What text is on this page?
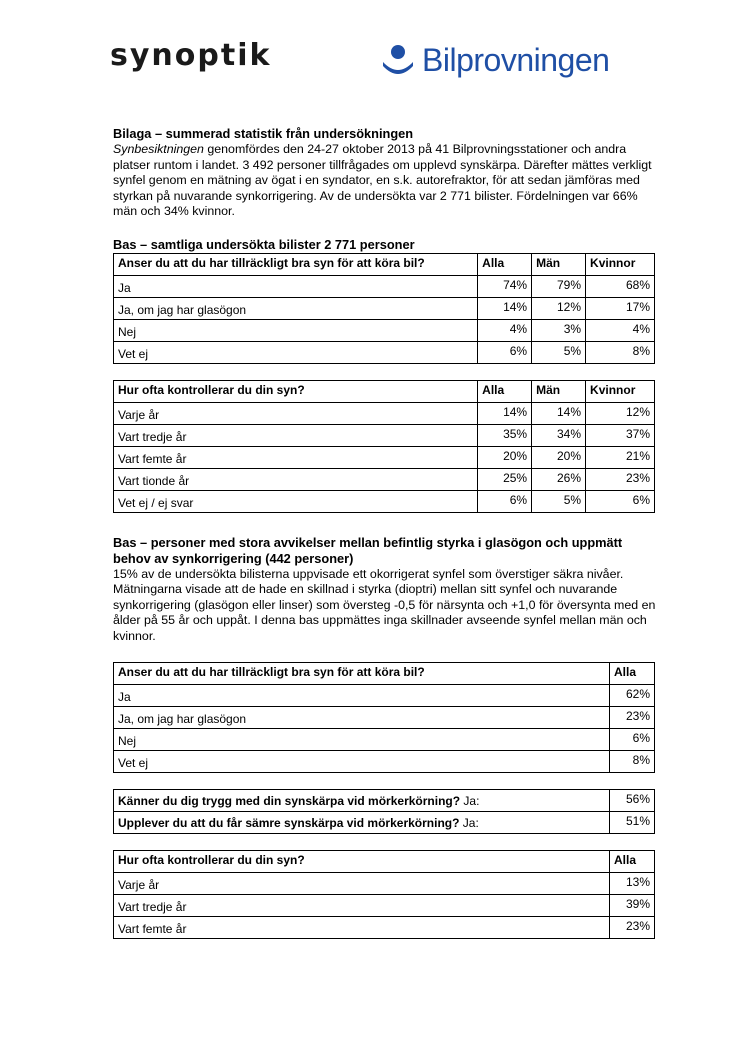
synoptik	Bilprovningen
Bilaga – summerad statistik från undersökningen

Synbesiktningen genomfördes den 24-27 oktober 2013 på 41 Bilprovningsstationer och andra platser runtom i landet. 3 492 personer tillfrågades om upplevd synskärpa. Därefter mättes verkligt synfel genom en mätning av ögat i en syndator, en s.k. autorefraktor, för att sedan jämföras med styrkan på nuvarande synkorrigering. Av de undersökta var 2 771 bilister. Fördelningen var 66% män och 34% kvinnor.

Bas – samtliga undersökta bilister 2 771 personer
Anser du att du har tillräckligt bra syn för att köra bil?	Alla	Män	Kvinnor
Ja	74%	79%	68%
Ja, om jag har glasögon	14%	12%	17%
Nej	4%	3%	4%
Vet ej	6%	5%	8%
Hur ofta kontrollerar du din syn?	Alla	Män	Kvinnor
Varje år	14%	14%	12%
Vart tredje år	35%	34%	37%
Vart femte år	20%	20%	21%
Vart tionde år	25%	26%	23%
Vet ej / ej svar	6%	5%	6%
Bas – personer med stora avvikelser mellan befintlig styrka i glasögon och uppmätt behov av synkorrigering (442 personer)

15% av de undersökta bilisterna uppvisade ett okorrigerat synfel som överstiger säkra nivåer. Mätningarna visade att de hade en skillnad i styrka (dioptri) mellan sitt synfel och nuvarande synkorrigering (glasögon eller linser) som översteg -0,5 för närsynta och +1,0 för översynta med en ålder på 55 år och uppåt. I denna bas uppmättes inga skillnader avseende synfel mellan män och kvinnor.

Anser du att du har tillräckligt bra syn för att köra bil?	Alla
Ja	62%
Ja, om jag har glasögon	23%
Nej	6%
Vet ej	8%
Känner du dig trygg med din synskärpa vid mörkerkörning? Ja:	56%
Upplever du att du får sämre synskärpa vid mörkerkörning? Ja:	51%
Hur ofta kontrollerar du din syn?	Alla
Varje år	13%
Vart tredje år	39%
Vart femte år	23%
